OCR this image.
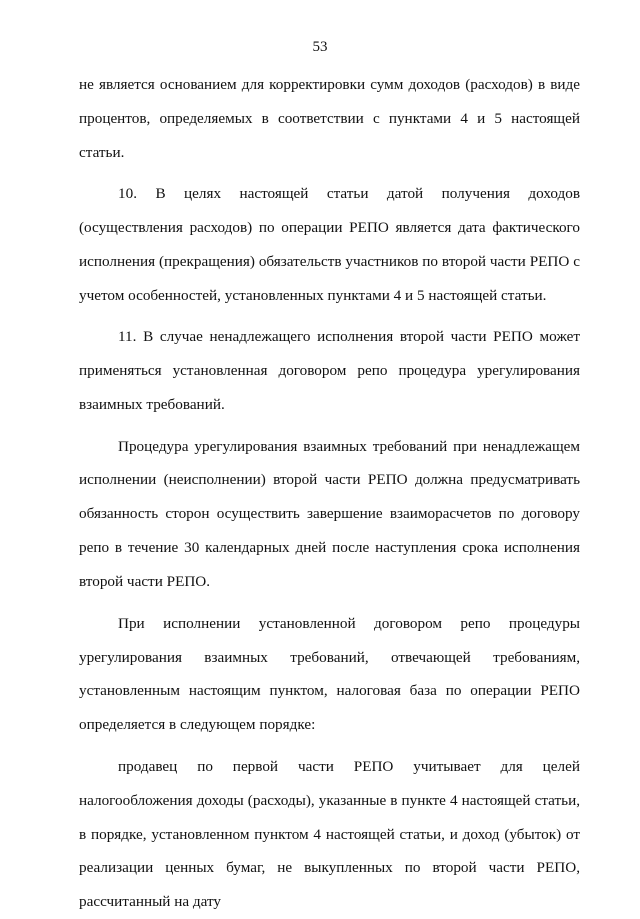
53

не является основанием для корректировки сумм доходов (расходов) в виде процентов, определяемых в соответствии с пунктами 4 и 5 настоящей статьи.

10. В целях настоящей статьи датой получения доходов (осуществления расходов) по операции РЕПО является дата фактического исполнения (прекращения) обязательств участников по второй части РЕПО с учетом особенностей, установленных пунктами 4 и 5 настоящей статьи.

11. В случае ненадлежащего исполнения второй части РЕПО может применяться установленная договором репо процедура урегулирования взаимных требований.

Процедура урегулирования взаимных требований при ненадлежащем исполнении (неисполнении) второй части РЕПО должна предусматривать обязанность сторон осуществить завершение взаиморасчетов по договору репо в течение 30 календарных дней после наступления срока исполнения второй части РЕПО.

При исполнении установленной договором репо процедуры урегулирования взаимных требований, отвечающей требованиям, установленным настоящим пунктом, налоговая база по операции РЕПО определяется в следующем порядке:

продавец по первой части РЕПО учитывает для целей налогообложения доходы (расходы), указанные в пункте 4 настоящей статьи, в порядке, установленном пунктом 4 настоящей статьи, и доход (убыток) от реализации ценных бумаг, не выкупленных по второй части РЕПО, рассчитанный на дату
